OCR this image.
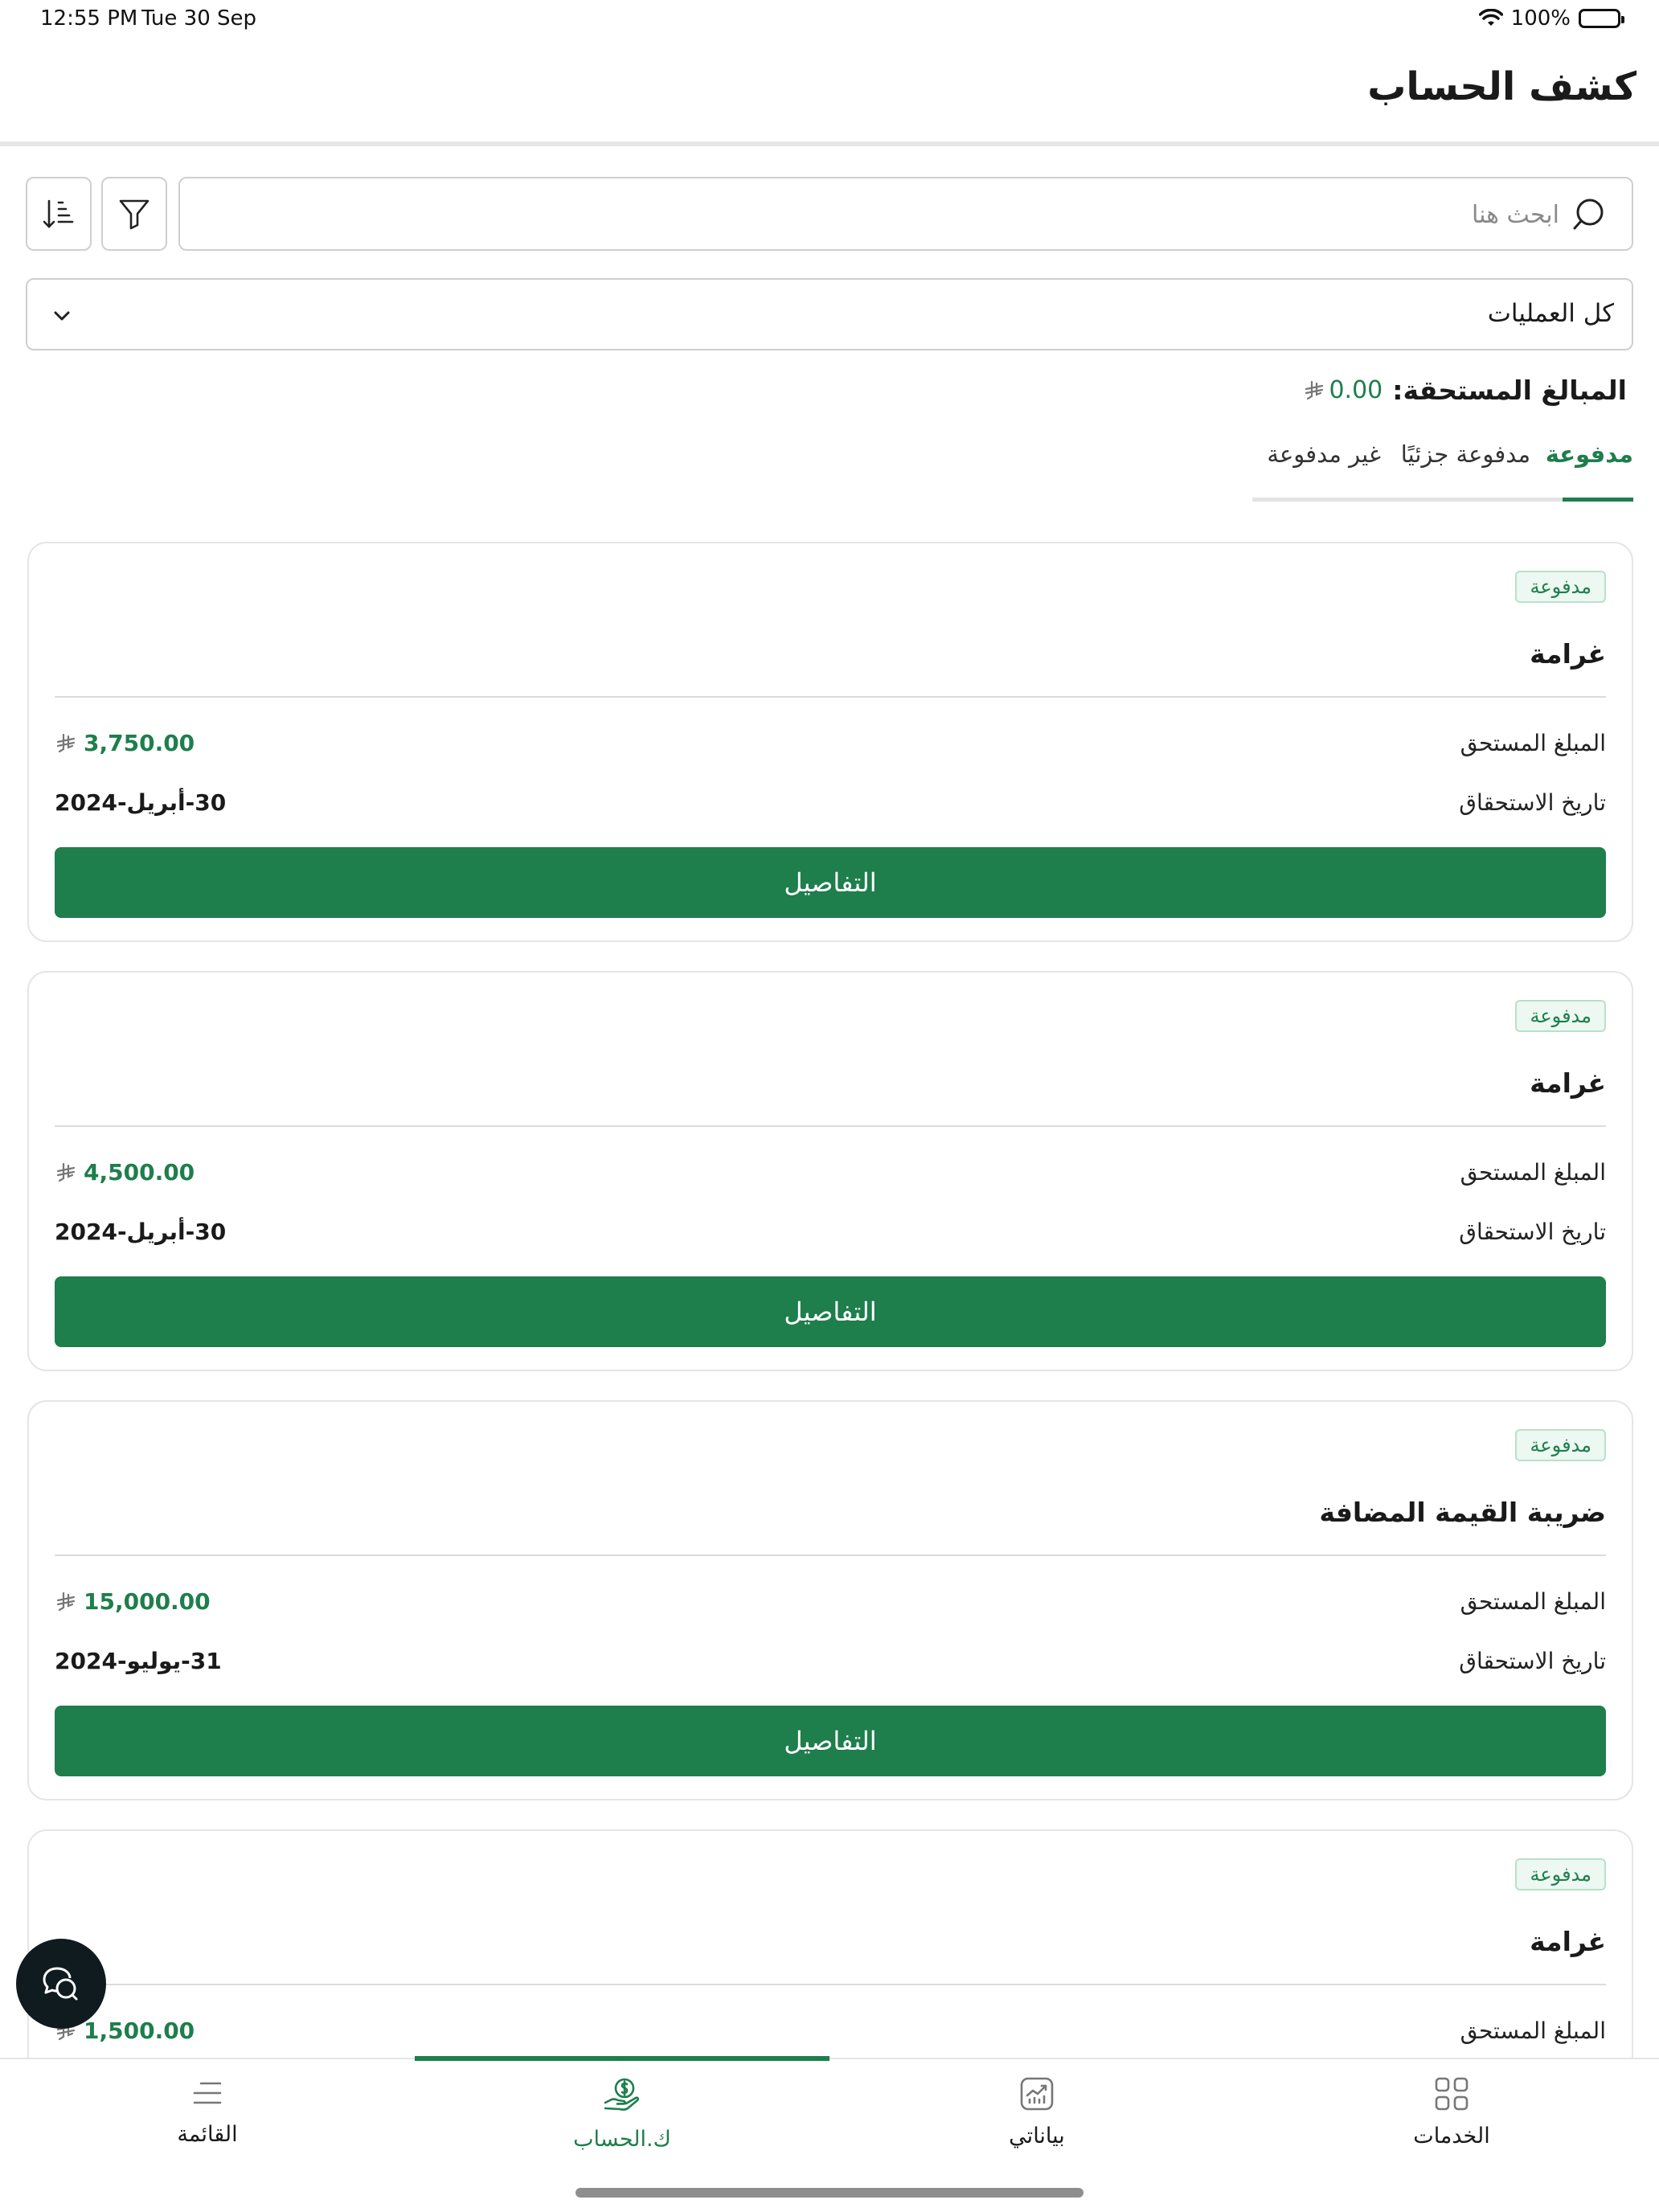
12:55 PM Tue 30 Sep	100%
كشف الحساب
ابحث هنا
كل العمليات
المبالغ المستحقة:
0.00
مدفوعة
مدفوعة جزئيًا
غير مدفوعة
مدفوعة
غرامة
المبلغ المستحق
3,750.00
تاريخ الاستحقاق
30-أبريل-2024
التفاصيل
مدفوعة
غرامة
المبلغ المستحق
4,500.00
تاريخ الاستحقاق
30-أبريل-2024
التفاصيل
مدفوعة
ضريبة القيمة المضافة
المبلغ المستحق
15,000.00
تاريخ الاستحقاق
31-يوليو-2024
التفاصيل
مدفوعة
غرامة
المبلغ المستحق
1,500.00
القائمة	ك.الحساب	بياناتي	الخدمات
